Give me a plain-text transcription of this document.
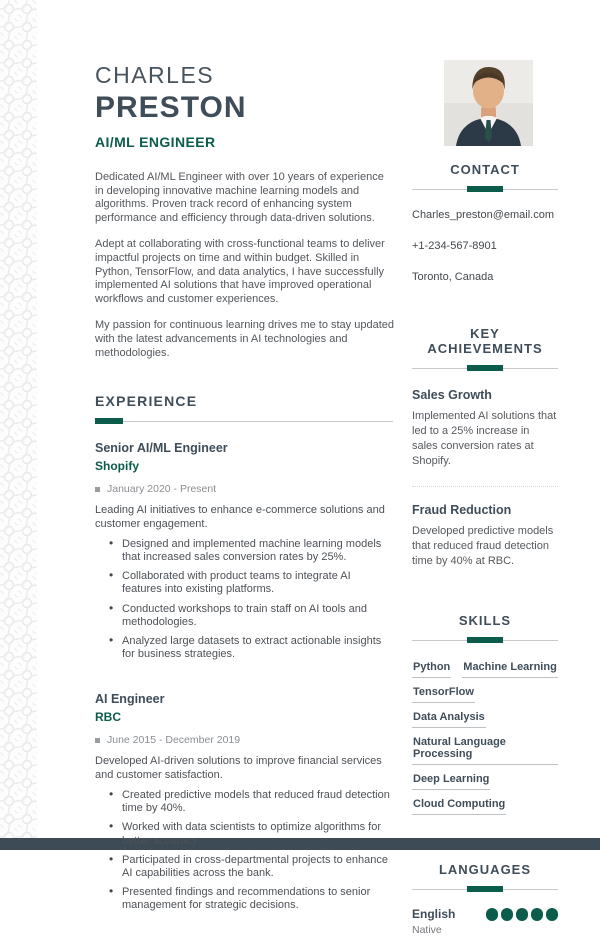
CHARLES
PRESTON
AI/ML ENGINEER

Dedicated AI/ML Engineer with over 10 years of experience in developing innovative machine learning models and algorithms. Proven track record of enhancing system performance and efficiency through data-driven solutions.

Adept at collaborating with cross-functional teams to deliver impactful projects on time and within budget. Skilled in Python, TensorFlow, and data analytics, I have successfully implemented AI solutions that have improved operational workflows and customer experiences.

My passion for continuous learning drives me to stay updated with the latest advancements in AI technologies and methodologies.

EXPERIENCE
Senior AI/ML Engineer
Shopify
January 2020 - Present

Leading AI initiatives to enhance e-commerce solutions and customer engagement.

• Designed and implemented machine learning models that increased sales conversion rates by 25%.
• Collaborated with product teams to integrate AI features into existing platforms.
• Conducted workshops to train staff on AI tools and methodologies.
• Analyzed large datasets to extract actionable insights for business strategies.
AI Engineer
RBC
June 2015 - December 2019

Developed AI-driven solutions to improve financial services and customer satisfaction.

• Created predictive models that reduced fraud detection time by 40%.
• Worked with data scientists to optimize algorithms for better accuracy.
• Participated in cross-departmental projects to enhance AI capabilities across the bank.
• Presented findings and recommendations to senior management for strategic decisions.
CONTACT
Charles_preston@email.com
+1-234-567-8901
Toronto, Canada
KEY ACHIEVEMENTS
Sales Growth

Implemented AI solutions that led to a 25% increase in sales conversion rates at Shopify.

Fraud Reduction

Developed predictive models that reduced fraud detection time by 40% at RBC.

SKILLS
Python Machine Learning
TensorFlow
Data Analysis
Natural Language Processing
Deep Learning
Cloud Computing
LANGUAGES
English
Native
